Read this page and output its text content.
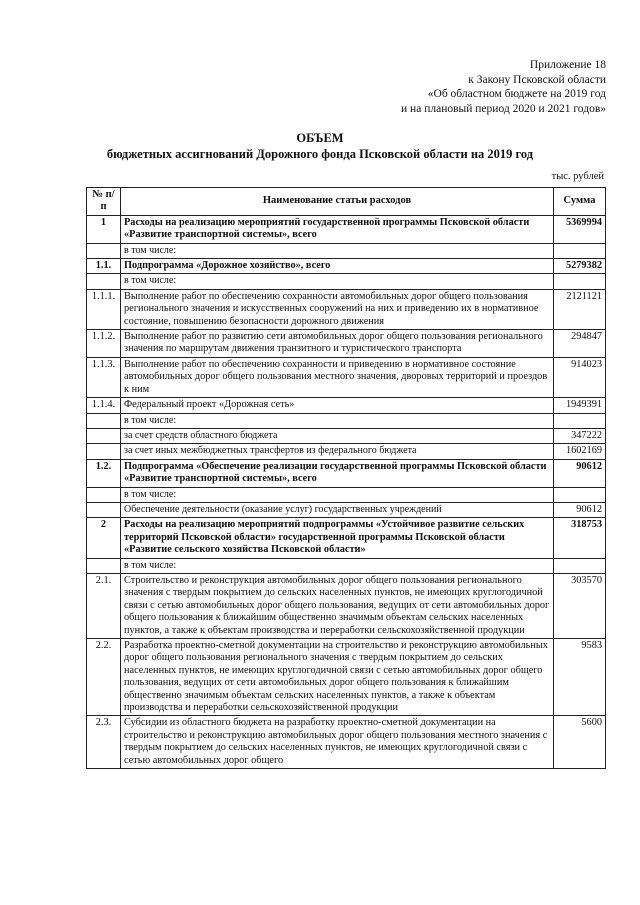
Приложение 18
к Закону Псковской области
«Об областном бюджете на 2019 год
и на плановый период 2020 и 2021 годов»
ОБЪЕМ
бюджетных ассигнований Дорожного фонда Псковской области на 2019 год
тыс. рублей
№ п/п	Наименование статьи расходов	Сумма
1	Расходы на реализацию мероприятий государственной программы Псковской области «Развитие транспортной системы», всего	5369994
	в том числе:	
1.1.	Подпрограмма «Дорожное хозяйство», всего	5279382
	в том числе:	
1.1.1.	Выполнение работ по обеспечению сохранности автомобильных дорог общего пользования регионального значения и искусственных сооружений на них и приведению их в нормативное состояние, повышению безопасности дорожного движения	2121121
1.1.2.	Выполнение работ по развитию сети автомобильных дорог общего пользования регионального значения по маршрутам движения транзитного и туристического транспорта	294847
1.1.3.	Выполнение работ по обеспечению сохранности и приведению в нормативное состояние автомобильных дорог общего пользования местного значения, дворовых территорий и проездов к ним	914023
1.1.4.	Федеральный проект «Дорожная сеть»	1949391
	в том числе:	
	за счет средств областного бюджета	347222
	за счет иных межбюджетных трансфертов из федерального бюджета	1602169
1.2.	Подпрограмма «Обеспечение реализации государственной программы Псковской области «Развитие транспортной системы», всего	90612
	в том числе:	
	Обеспечение деятельности (оказание услуг) государственных учреждений	90612
2	Расходы на реализацию мероприятий подпрограммы «Устойчивое развитие сельских территорий Псковской области» государственной программы Псковской области «Развитие сельского хозяйства Псковской области»	318753
	в том числе:	
2.1.	Строительство и реконструкция автомобильных дорог общего пользования регионального значения с твердым покрытием до сельских населенных пунктов, не имеющих круглогодичной связи с сетью автомобильных дорог общего пользования, ведущих от сети автомобильных дорог общего пользования к ближайшим общественно значимым объектам сельских населенных пунктов, а также к объектам производства и переработки сельскохозяйственной продукции	303570
2.2.	Разработка проектно-сметной документации на строительство и реконструкцию автомобильных дорог общего пользования регионального значения с твердым покрытием до сельских населенных пунктов, не имеющих круглогодичной связи с сетью автомобильных дорог общего пользования, ведущих от сети автомобильных дорог общего пользования к ближайшим общественно значимым объектам сельских населенных пунктов, а также к объектам производства и переработки сельскохозяйственной продукции	9583
2.3.	Субсидии из областного бюджета на разработку проектно-сметной документации на строительство и реконструкцию автомобильных дорог общего пользования местного значения с твердым покрытием до сельских населенных пунктов, не имеющих круглогодичной связи с сетью автомобильных дорог общего	5600
